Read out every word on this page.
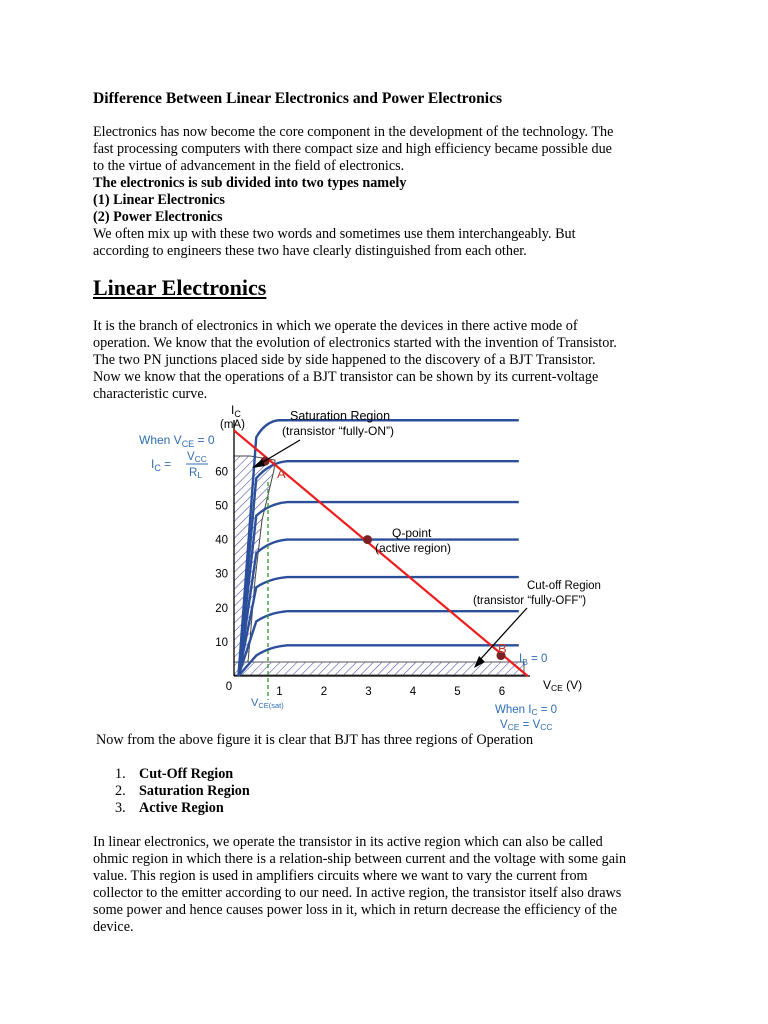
Difference Between Linear Electronics and Power Electronics

Electronics has now become the core component in the development of the technology. The

fast processing computers with there compact size and high efficiency became possible due

to the virtue of advancement in the field of electronics.

The electronics is sub divided into two types namely

(1) Linear Electronics

(2) Power Electronics

We often mix up with these two words and sometimes use them interchangeably. But

according to engineers these two have clearly distinguished from each other.

Linear Electronics

It is the branch of electronics in which we operate the devices in there active mode of

operation. We know that the evolution of electronics started with the invention of Transistor.

The two PN junctions placed side by side happened to the discovery of a BJT Transistor.

Now we know that the operations of a BJT transistor can be shown by its current-voltage

characteristic curve.

10
20
30
40
50
60
0	1	2	3	4	5	6
$I_C$
(mA)
When $V_{CE} = 0$
$I_C$ = VCC
RL
Saturation Region
(transistor “fully-ON”)
Q-point
(active region)
Cut-off Region
(transistor “fully-OFF”)
A
B
$I_B = 0$
VCE (V)
VCE(sat)	When IC = 0
VCE = VCC

Now from the above figure it is clear that BJT has three regions of Operation

1. Cut-Off Region

2. Saturation Region

3. Active Region

In linear electronics, we operate the transistor in its active region which can also be called

ohmic region in which there is a relation-ship between current and the voltage with some gain

value. This region is used in amplifiers circuits where we want to vary the current from

collector to the emitter according to our need. In active region, the transistor itself also draws

some power and hence causes power loss in it, which in return decrease the efficiency of the

device.
